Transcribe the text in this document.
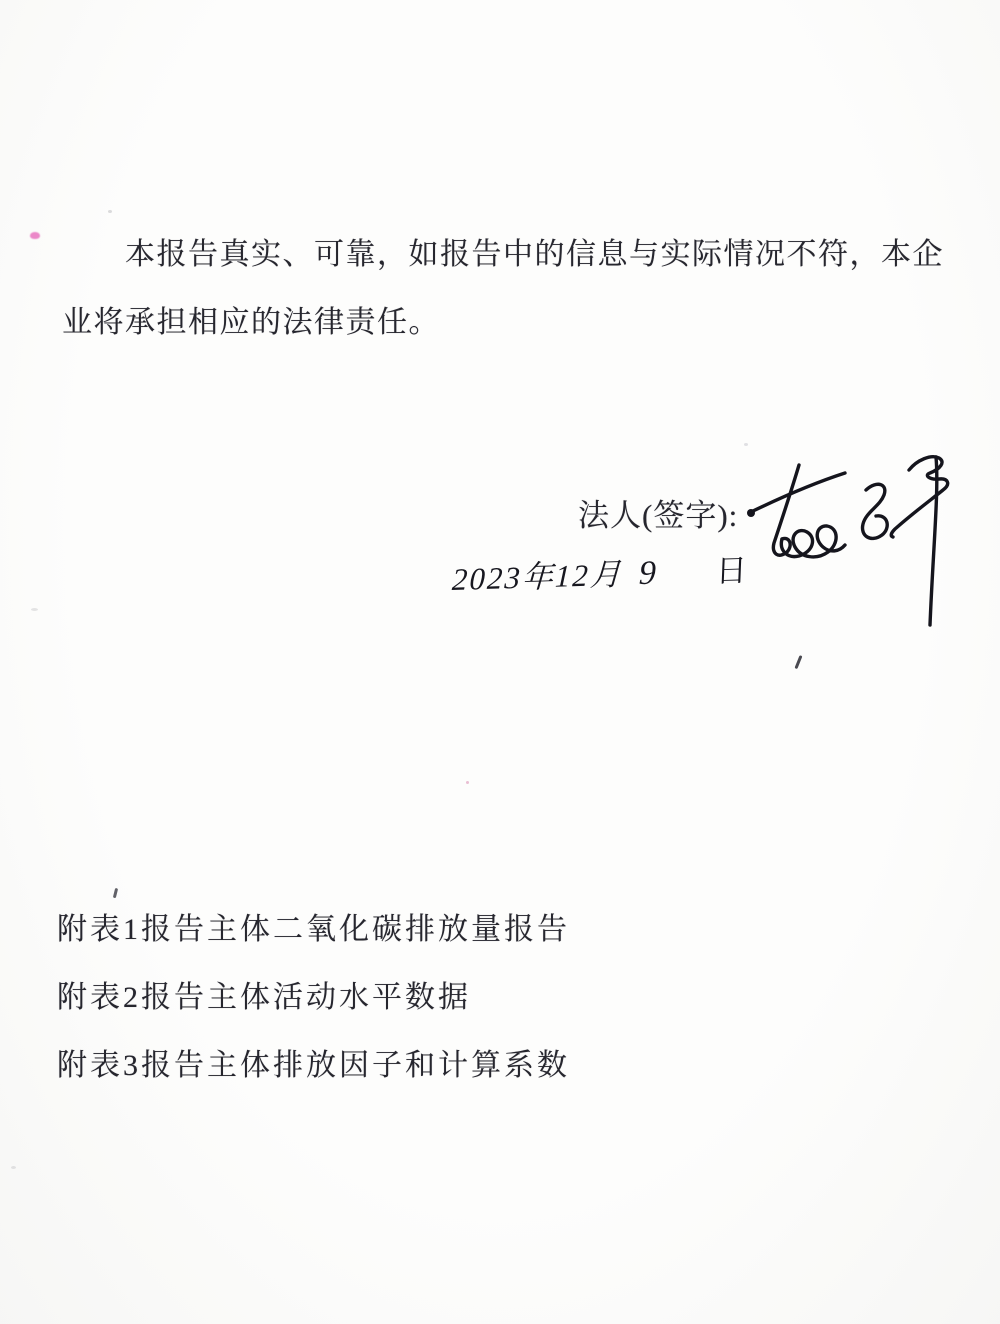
本报告真实、可靠，如报告中的信息与实际情况不符，本企
业将承担相应的法律责任。
法人(签字):
2023年12月 9 日
附表1报告主体二氧化碳排放量报告
附表2报告主体活动水平数据
附表3报告主体排放因子和计算系数
